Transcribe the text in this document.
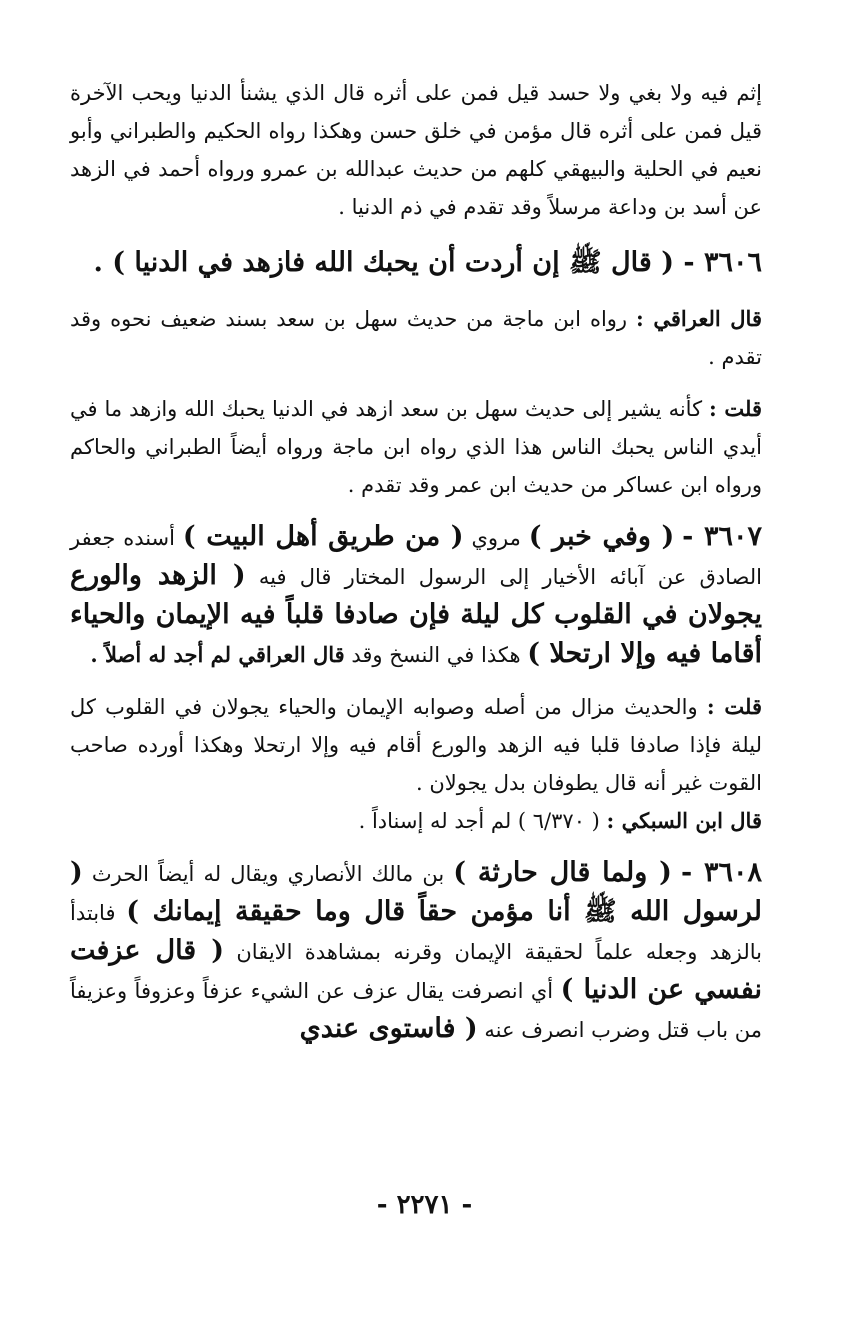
إثم فيه ولا بغي ولا حسد قيل فمن على أثره قال الذي يشنأ الدنيا ويحب الآخرة قيل فمن على أثره قال مؤمن في خلق حسن وهكذا رواه الحكيم والطبراني وأبو نعيم في الحلية والبيهقي كلهم من حديث عبدالله بن عمرو ورواه أحمد في الزهد عن أسد بن وداعة مرسلاً وقد تقدم في ذم الدنيا .

٣٦٠٦ - ( قال ﷺ إن أردت أن يحبك الله فازهد في الدنيا ) .

قال العراقي : رواه ابن ماجة من حديث سهل بن سعد بسند ضعيف نحوه وقد تقدم .

قلت : كأنه يشير إلى حديث سهل بن سعد ازهد في الدنيا يحبك الله وازهد ما في أيدي الناس يحبك الناس هذا الذي رواه ابن ماجة ورواه أيضاً الطبراني والحاكم ورواه ابن عساكر من حديث ابن عمر وقد تقدم .

٣٦٠٧ - ( وفي خبر ) مروي ( من طريق أهل البيت ) أسنده جعفر الصادق عن آبائه الأخيار إلى الرسول المختار قال فيه ( الزهد والورع يجولان في القلوب كل ليلة فإن صادفا قلباً فيه الإيمان والحياء أقاما فيه وإلا ارتحلا ) هكذا في النسخ وقد قال العراقي لم أجد له أصلاً .

قلت : والحديث مزال من أصله وصوابه الإيمان والحياء يجولان في القلوب كل ليلة فإذا صادفا قلبا فيه الزهد والورع أقام فيه وإلا ارتحلا وهكذا أورده صاحب القوت غير أنه قال يطوفان بدل يجولان .

قال ابن السبكي : ( ٦/٣٧٠ ) لم أجد له إسناداً .

٣٦٠٨ - ( ولما قال حارثة ) بن مالك الأنصاري ويقال له أيضاً الحرث ( لرسول الله ﷺ أنا مؤمن حقاً قال وما حقيقة إيمانك ) فابتدأ بالزهد وجعله علماً لحقيقة الإيمان وقرنه بمشاهدة الايقان ( قال عزفت نفسي عن الدنيا ) أي انصرفت يقال عزف عن الشيء عزفاً وعزوفاً وعزيفاً من باب قتل وضرب انصرف عنه ( فاستوى عندي

- ٢٢٧١ -
